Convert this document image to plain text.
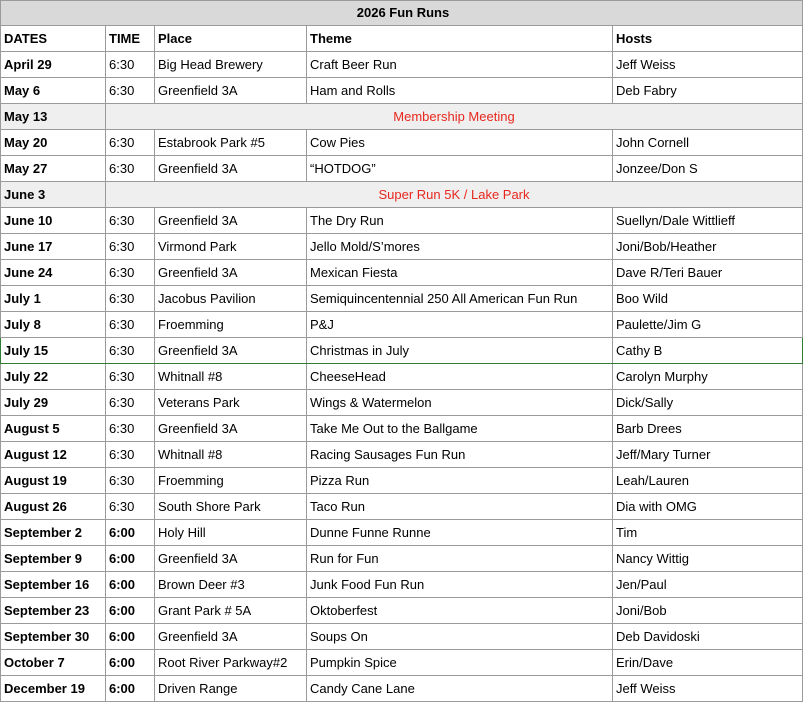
2026 Fun Runs				
DATES	TIME	Place	Theme	Hosts
April 29	6:30	Big Head Brewery	Craft Beer Run	Jeff Weiss
May 6	6:30	Greenfield 3A	Ham and Rolls	Deb Fabry
May 13	Membership Meeting			
May 20	6:30	Estabrook Park #5	Cow Pies	John Cornell
May 27	6:30	Greenfield 3A	“HOTDOG”	Jonzee/Don S
June 3	Super Run 5K / Lake Park			
June 10	6:30	Greenfield 3A	The Dry Run	Suellyn/Dale Wittlieff
June 17	6:30	Virmond Park	Jello Mold/S’mores	Joni/Bob/Heather
June 24	6:30	Greenfield 3A	Mexican Fiesta	Dave R/Teri Bauer
July 1	6:30	Jacobus Pavilion	Semiquincentennial 250 All American Fun Run	Boo Wild
July 8	6:30	Froemming	P&J	Paulette/Jim G
July 15	6:30	Greenfield 3A	Christmas in July	Cathy B
July 22	6:30	Whitnall #8	CheeseHead	Carolyn Murphy
July 29	6:30	Veterans Park	Wings & Watermelon	Dick/Sally
August 5	6:30	Greenfield 3A	Take Me Out to the Ballgame	Barb Drees
August 12	6:30	Whitnall #8	Racing Sausages Fun Run	Jeff/Mary Turner
August 19	6:30	Froemming	Pizza Run	Leah/Lauren
August 26	6:30	South Shore Park	Taco Run	Dia with OMG
September 2	6:00	Holy Hill	Dunne Funne Runne	Tim
September 9	6:00	Greenfield 3A	Run for Fun	Nancy Wittig
September 16	6:00	Brown Deer #3	Junk Food Fun Run	Jen/Paul
September 23	6:00	Grant Park # 5A	Oktoberfest	Joni/Bob
September 30	6:00	Greenfield 3A	Soups On	Deb Davidoski
October 7	6:00	Root River Parkway#2	Pumpkin Spice	Erin/Dave
December 19	6:00	Driven Range	Candy Cane Lane	Jeff Weiss
